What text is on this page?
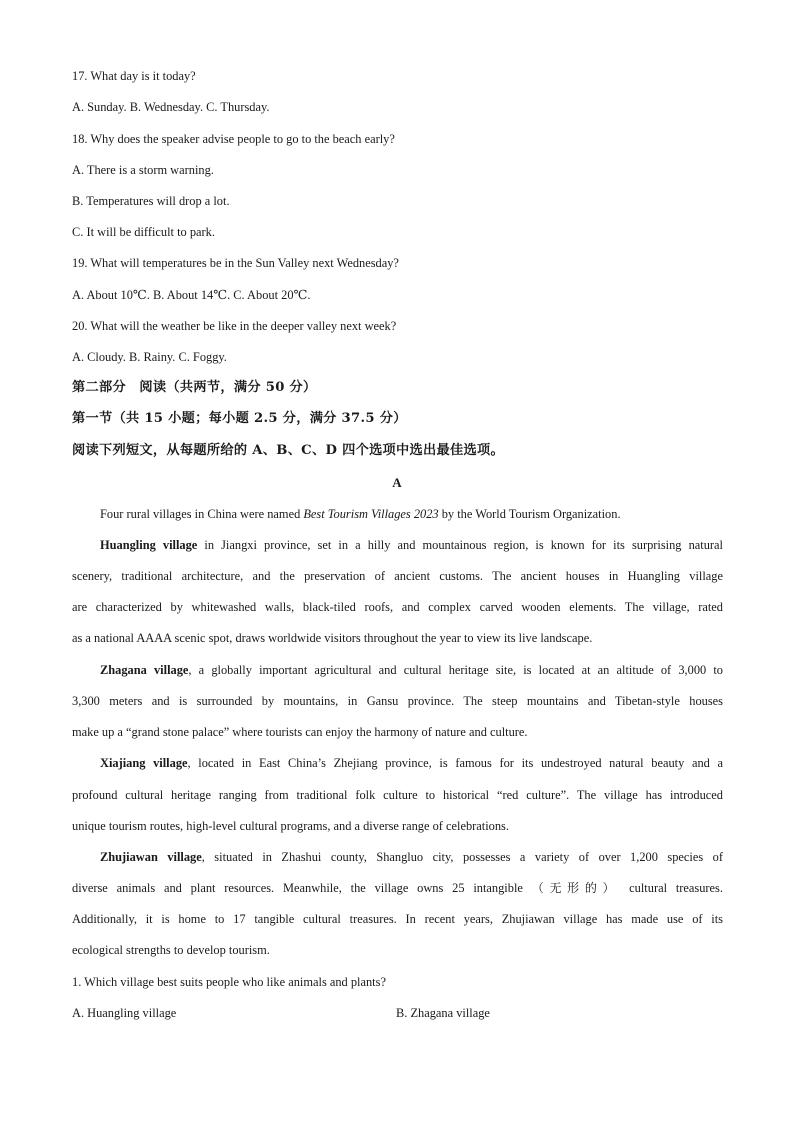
17. What day is it today?
A. Sunday. B. Wednesday. C. Thursday.
18. Why does the speaker advise people to go to the beach early?
A. There is a storm warning.
B. Temperatures will drop a lot.
C. It will be difficult to park.
19. What will temperatures be in the Sun Valley next Wednesday?
A. About 10℃. B. About 14℃. C. About 20℃.
20. What will the weather be like in the deeper valley next week?
A. Cloudy. B. Rainy. C. Foggy.
第二部分　阅读（共两节，满分 50 分）
第一节（共 15 小题；每小题 2.5 分，满分 37.5 分）
阅读下列短文，从每题所给的 A、B、C、D 四个选项中选出最佳选项。
A
Four rural villages in China were named Best Tourism Villages 2023 by the World Tourism Organization.
Huangling village in Jiangxi province, set in a hilly and mountainous region, is known for its surprising natural
scenery, traditional architecture, and the preservation of ancient customs. The ancient houses in Huangling village
are characterized by whitewashed walls, black-tiled roofs, and complex carved wooden elements. The village, rated
as a national AAAA scenic spot, draws worldwide visitors throughout the year to view its live landscape.
Zhagana village, a globally important agricultural and cultural heritage site, is located at an altitude of 3,000 to
3,300 meters and is surrounded by mountains, in Gansu province. The steep mountains and Tibetan-style houses
make up a “grand stone palace” where tourists can enjoy the harmony of nature and culture.
Xiajiang village, located in East China’s Zhejiang province, is famous for its undestroyed natural beauty and a
profound cultural heritage ranging from traditional folk culture to historical “red culture”. The village has introduced
unique tourism routes, high-level cultural programs, and a diverse range of celebrations.
Zhujiawan village, situated in Zhashui county, Shangluo city, possesses a variety of over 1,200 species of
diverse animals and plant resources. Meanwhile, the village owns 25 intangible （无形的） cultural treasures.
Additionally, it is home to 17 tangible cultural treasures. In recent years, Zhujiawan village has made use of its
ecological strengths to develop tourism.
1. Which village best suits people who like animals and plants?
A. Huangling village	B. Zhagana village
